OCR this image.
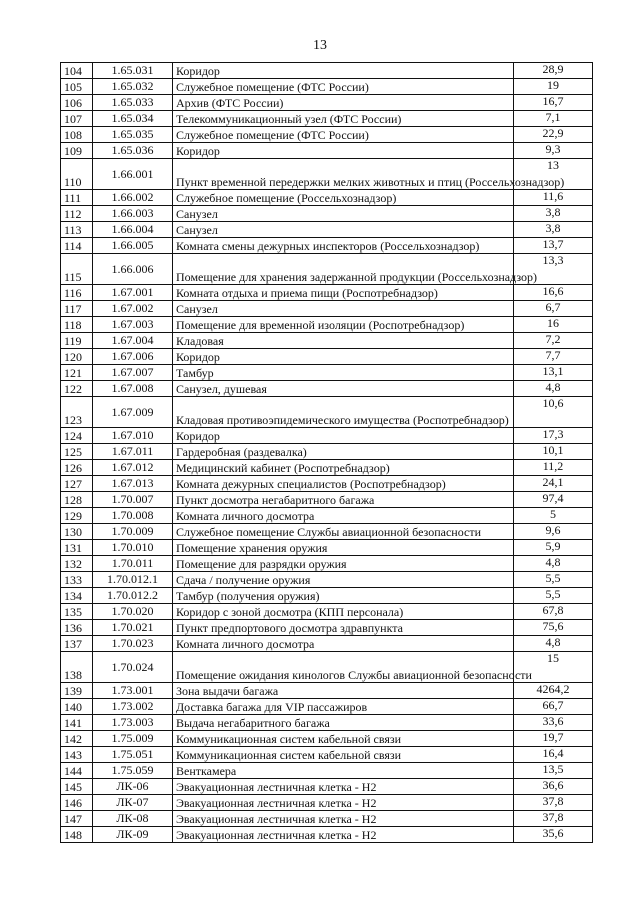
13
104	1.65.031	Коридор	28,9
105	1.65.032	Служебное помещение (ФТС России)	19
106	1.65.033	Архив (ФТС России)	16,7
107	1.65.034	Телекоммуникационный узел (ФТС России)	7,1
108	1.65.035	Служебное помещение (ФТС России)	22,9
109	1.65.036	Коридор	9,3
110	1.66.001	Пункт временной передержки мелких животных и птиц (Россельхознадзор)	13
111	1.66.002	Служебное помещение (Россельхознадзор)	11,6
112	1.66.003	Санузел	3,8
113	1.66.004	Санузел	3,8
114	1.66.005	Комната смены дежурных инспекторов (Россельхознадзор)	13,7
115	1.66.006	Помещение для хранения задержанной продукции (Россельхознадзор)	13,3
116	1.67.001	Комната отдыха и приема пищи (Роспотребнадзор)	16,6
117	1.67.002	Санузел	6,7
118	1.67.003	Помещение для временной изоляции (Роспотребнадзор)	16
119	1.67.004	Кладовая	7,2
120	1.67.006	Коридор	7,7
121	1.67.007	Тамбур	13,1
122	1.67.008	Санузел, душевая	4,8
123	1.67.009	Кладовая противоэпидемического имущества (Роспотребнадзор)	10,6
124	1.67.010	Коридор	17,3
125	1.67.011	Гардеробная (раздевалка)	10,1
126	1.67.012	Медицинский кабинет (Роспотребнадзор)	11,2
127	1.67.013	Комната дежурных специалистов (Роспотребнадзор)	24,1
128	1.70.007	Пункт досмотра негабаритного багажа	97,4
129	1.70.008	Комната личного досмотра	5
130	1.70.009	Служебное помещение Службы авиационной безопасности	9,6
131	1.70.010	Помещение хранения оружия	5,9
132	1.70.011	Помещение для разрядки оружия	4,8
133	1.70.012.1	Сдача / получение оружия	5,5
134	1.70.012.2	Тамбур (получения оружия)	5,5
135	1.70.020	Коридор с зоной досмотра (КПП персонала)	67,8
136	1.70.021	Пункт предпортового досмотра здравпункта	75,6
137	1.70.023	Комната личного досмотра	4,8
138	1.70.024	Помещение ожидания кинологов Службы авиационной безопасности	15
139	1.73.001	Зона выдачи багажа	4264,2
140	1.73.002	Доставка багажа для VIP пассажиров	66,7
141	1.73.003	Выдача негабаритного багажа	33,6
142	1.75.009	Коммуникационная систем кабельной связи	19,7
143	1.75.051	Коммуникационная систем кабельной связи	16,4
144	1.75.059	Венткамера	13,5
145	ЛК-06	Эвакуационная лестничная клетка - Н2	36,6
146	ЛК-07	Эвакуационная лестничная клетка - Н2	37,8
147	ЛК-08	Эвакуационная лестничная клетка - Н2	37,8
148	ЛК-09	Эвакуационная лестничная клетка - Н2	35,6
